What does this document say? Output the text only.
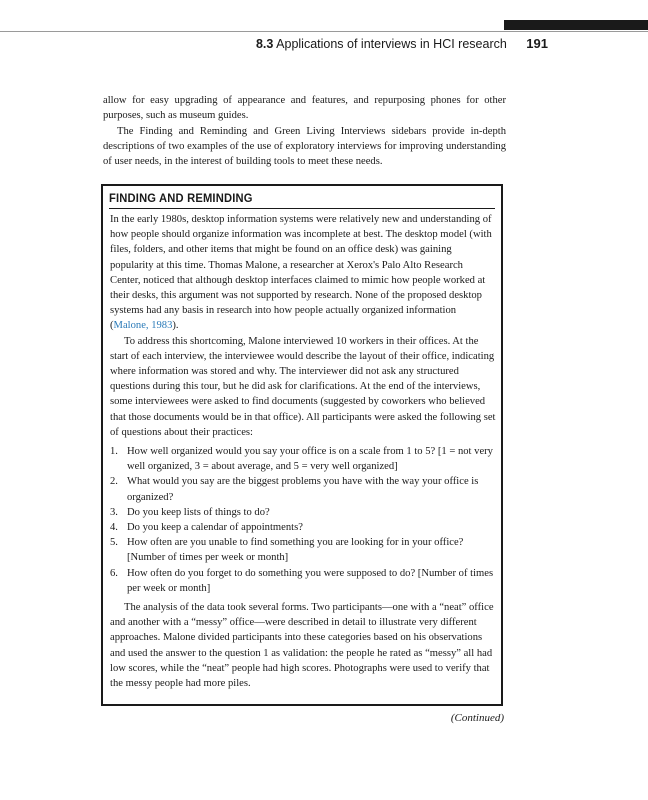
8.3 Applications of interviews in HCI research 191

allow for easy upgrading of appearance and features, and repurposing phones for other purposes, such as museum guides.

The Finding and Reminding and Green Living Interviews sidebars provide in-depth descriptions of two examples of the use of exploratory interviews for improving understanding of user needs, in the interest of building tools to meet these needs.

FINDING AND REMINDING

In the early 1980s, desktop information systems were relatively new and understanding of how people should organize information was incomplete at best. The desktop model (with files, folders, and other items that might be found on an office desk) was gaining popularity at this time. Thomas Malone, a researcher at Xerox's Palo Alto Research Center, noticed that although desktop interfaces claimed to mimic how people worked at their desks, this argument was not supported by research. None of the proposed desktop systems had any basis in research into how people actually organized information (Malone, 1983).

To address this shortcoming, Malone interviewed 10 workers in their offices. At the start of each interview, the interviewee would describe the layout of their office, indicating where information was stored and why. The interviewer did not ask any structured questions during this tour, but he did ask for clarifications. At the end of the interviews, some interviewees were asked to find documents (suggested by coworkers who believed that those documents would be in that office). All participants were asked the following set of questions about their practices:

1. How well organized would you say your office is on a scale from 1 to 5? [1 = not very well organized, 3 = about average, and 5 = very well organized]
2. What would you say are the biggest problems you have with the way your office is organized?
3. Do you keep lists of things to do?
4. Do you keep a calendar of appointments?
5. How often are you unable to find something you are looking for in your office? [Number of times per week or month]
6. How often do you forget to do something you were supposed to do? [Number of times per week or month]

The analysis of the data took several forms. Two participants—one with a “neat” office and another with a “messy” office—were described in detail to illustrate very different approaches. Malone divided participants into these categories based on his observations and used the answer to the question 1 as validation: the people he rated as “messy” all had low scores, while the “neat” people had high scores. Photographs were used to verify that the messy people had more piles.

(Continued)
